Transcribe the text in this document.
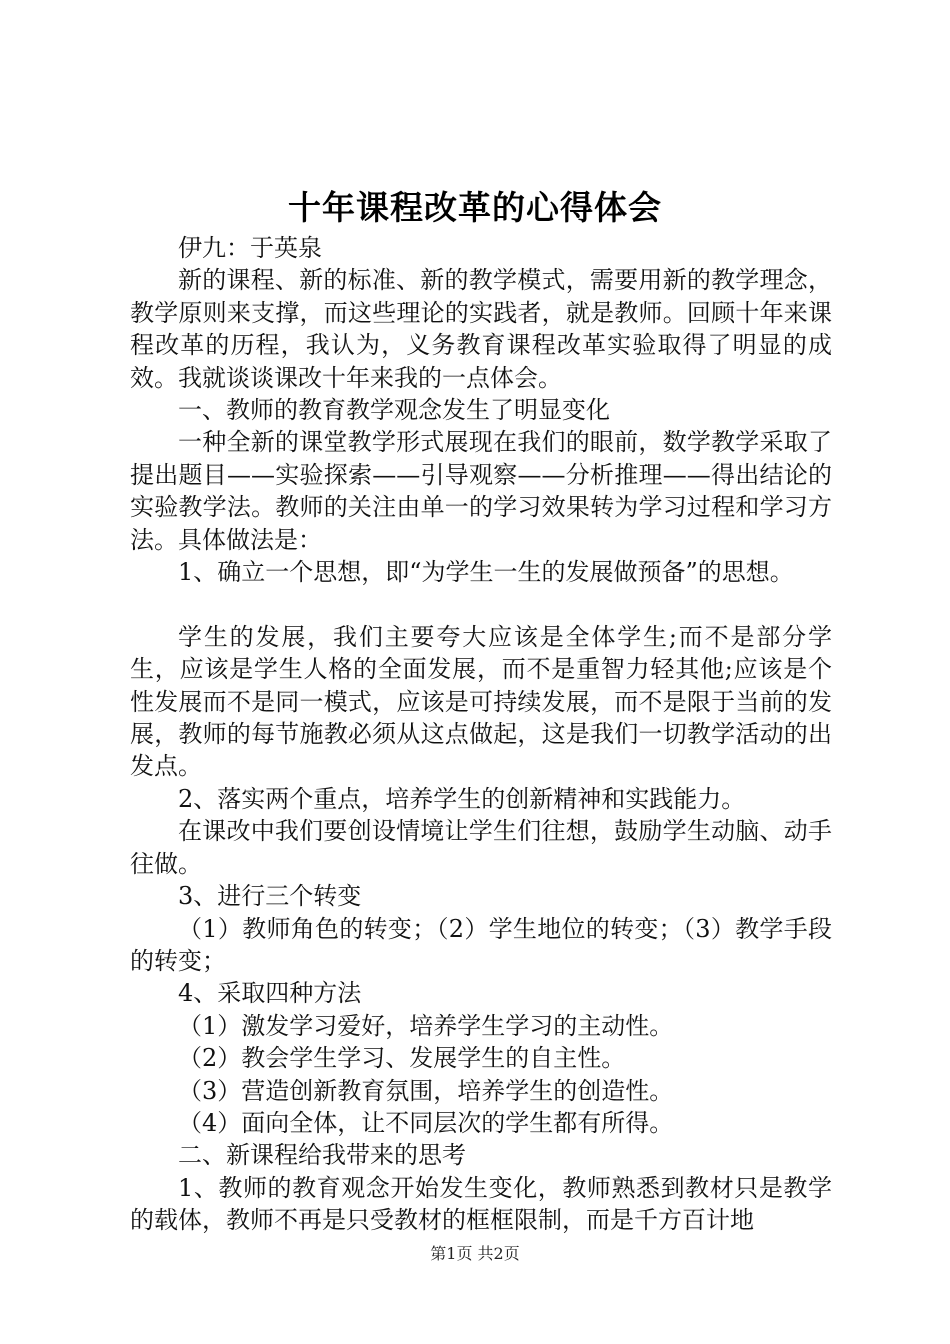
十年课程改革的心得体会

伊九：于英泉

新的课程、新的标准、新的教学模式，需要用新的教学理念，教学原则来支撑，而这些理论的实践者，就是教师。回顾十年来课程改革的历程，我认为，义务教育课程改革实验取得了明显的成效。我就谈谈课改十年来我的一点体会。

一、教师的教育教学观念发生了明显变化

一种全新的课堂教学形式展现在我们的眼前，数学教学采取了提出题目——实验探索——引导观察——分析推理——得出结论的实验教学法。教师的关注由单一的学习效果转为学习过程和学习方法。具体做法是：

1、确立一个思想，即“为学生一生的发展做预备”的思想。

学生的发展，我们主要夸大应该是全体学生;而不是部分学生，应该是学生人格的全面发展，而不是重智力轻其他;应该是个性发展而不是同一模式，应该是可持续发展，而不是限于当前的发展，教师的每节施教必须从这点做起，这是我们一切教学活动的出发点。

2、落实两个重点，培养学生的创新精神和实践能力。

在课改中我们要创设情境让学生们往想，鼓励学生动脑、动手往做。

3、进行三个转变

（1）教师角色的转变；（2）学生地位的转变；（3）教学手段的转变；

4、采取四种方法

（1）激发学习爱好，培养学生学习的主动性。

（2）教会学生学习、发展学生的自主性。

（3）营造创新教育氛围，培养学生的创造性。

（4）面向全体，让不同层次的学生都有所得。

二、新课程给我带来的思考

1、教师的教育观念开始发生变化，教师熟悉到教材只是教学的载体，教师不再是只受教材的框框限制，而是千方百计地

第1页 共2页
